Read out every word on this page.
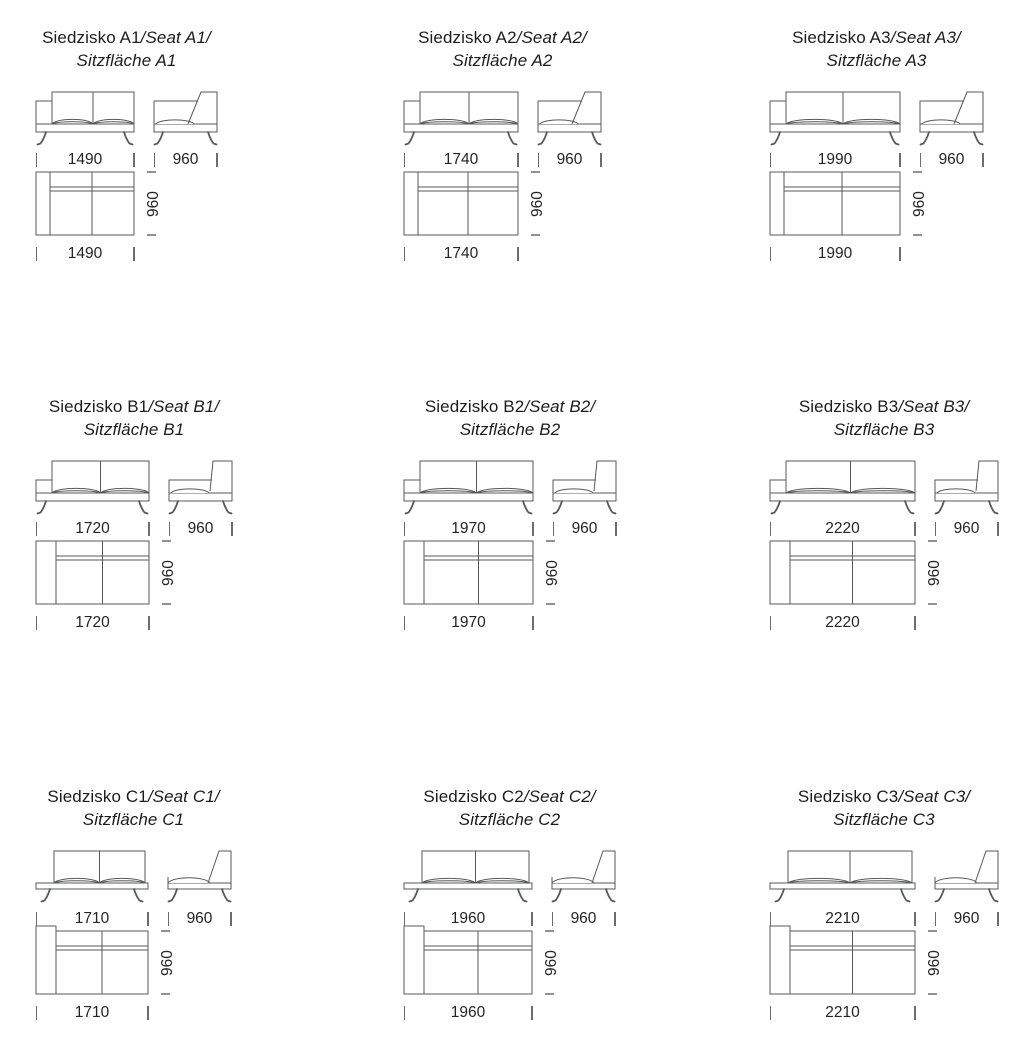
Siedzisko A1/Seat A1/
Sitzfläche A1
1490	960
960
1490
Siedzisko A2/Seat A2/
Sitzfläche A2
1740	960
960
1740
Siedzisko A3/Seat A3/
Sitzfläche A3
1990	960
960
1990
Siedzisko B1/Seat B1/
Sitzfläche B1
1720	960
960
1720
Siedzisko B2/Seat B2/
Sitzfläche B2
1970	960
960
1970
Siedzisko B3/Seat B3/
Sitzfläche B3
2220	960
960
2220
Siedzisko C1/Seat C1/
Sitzfläche C1
1710	960
960
1710
Siedzisko C2/Seat C2/
Sitzfläche C2
1960	960
960
1960
Siedzisko C3/Seat C3/
Sitzfläche C3
2210	960
960
2210
